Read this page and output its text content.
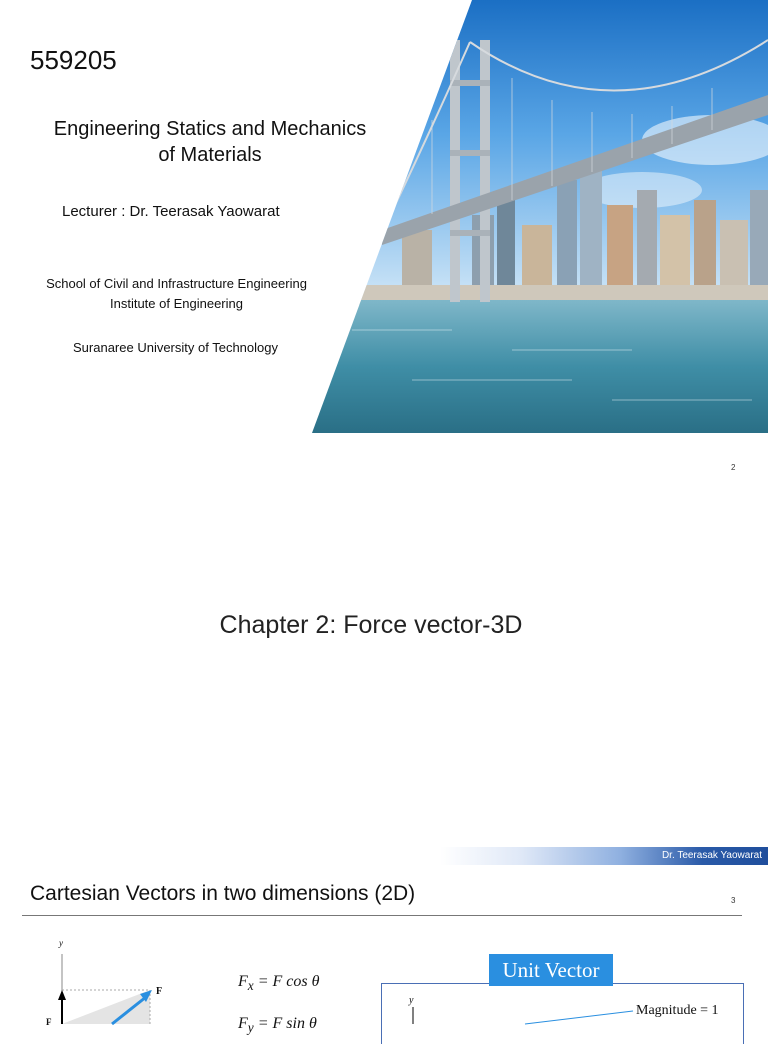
559205
Engineering Statics and Mechanics
of Materials
Lecturer : Dr. Teerasak Yaowarat
School of Civil and Infrastructure Engineering
Institute of Engineering
Suranaree University of Technology
2
Chapter 2: Force vector-3D
Dr. Teerasak Yaowarat
Cartesian Vectors in two dimensions (2D)	3
y
F
F
$F_x = F$ cos θ
$F_y = F$ sin θ
Unit Vector
y
Magnitude = 1
